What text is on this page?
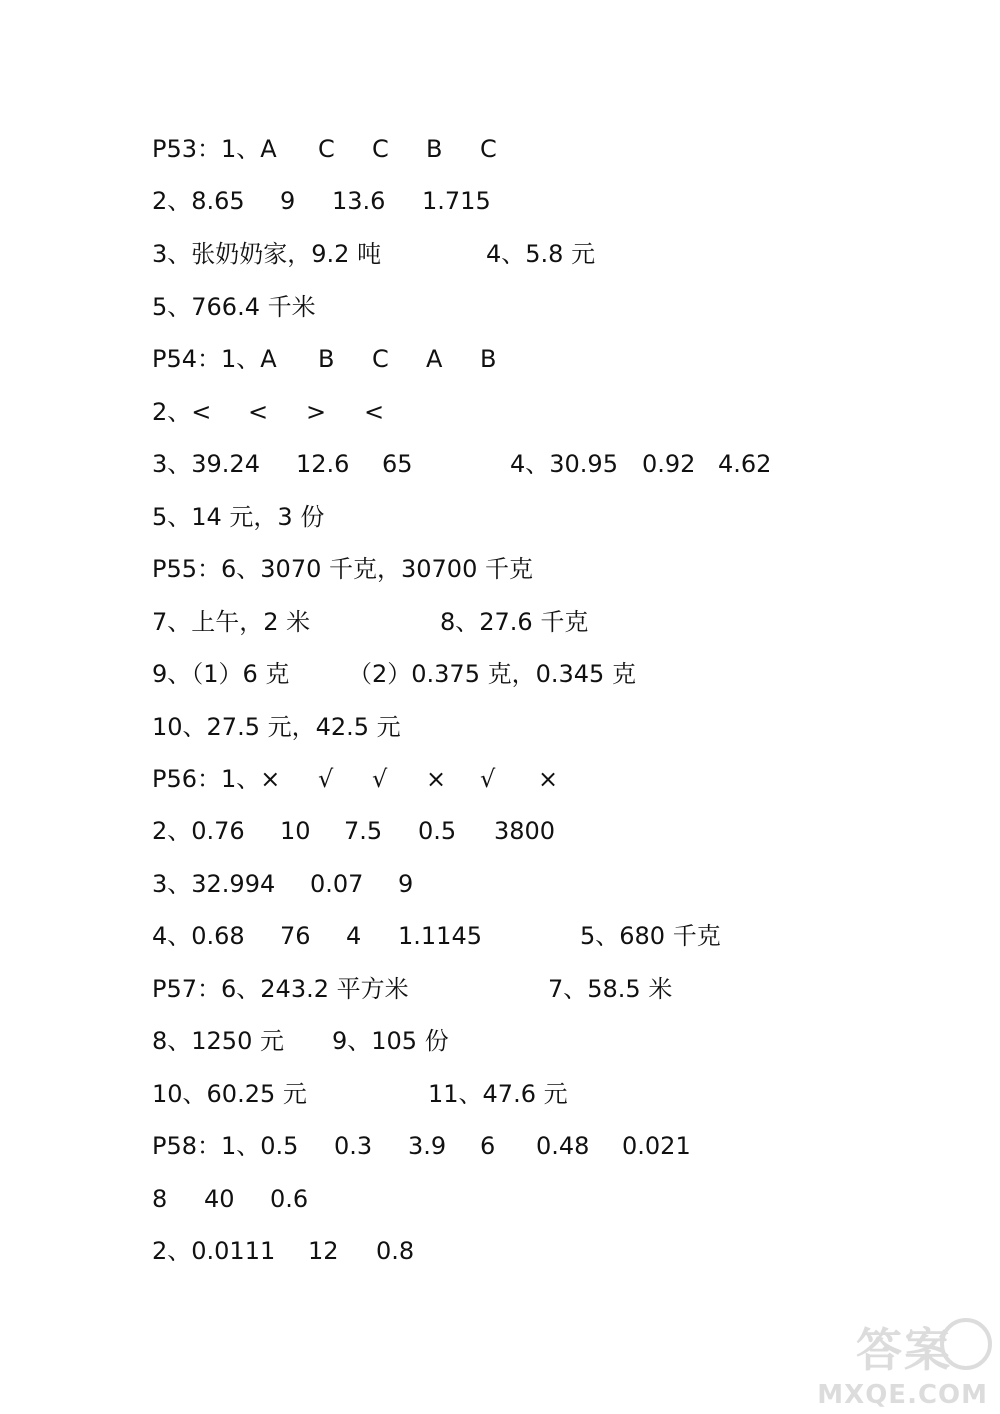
P53：1、A C C B C
2、8.65 9 13.6 1.715
3、张奶奶家，9.2 吨	4、5.8 元
5、766.4 千米
P54：1、A B C A B
2、< < > <
3、39.24 12.6 65	4、30.95 0.92 4.62
5、14 元，3 份
P55：6、3070 千克，30700 千克
7、上午，2 米	8、27.6 千克
9、（1）6 克 （2）0.375 克，0.345 克
10、27.5 元，42.5 元
P56：1、× √ √ × √ ×
2、0.76 10 7.5 0.5 3800
3、32.994 0.07 9
4、0.68 76 4 1.1145	5、680 千克
P57：6、243.2 平方米	7、58.5 米
8、1250 元 9、105 份
10、60.25 元	11、47.6 元
P58：1、0.5 0.3 3.9 6 0.48 0.021
8 40 0.6
2、0.0111 12 0.8
答案
MXQE.COM
